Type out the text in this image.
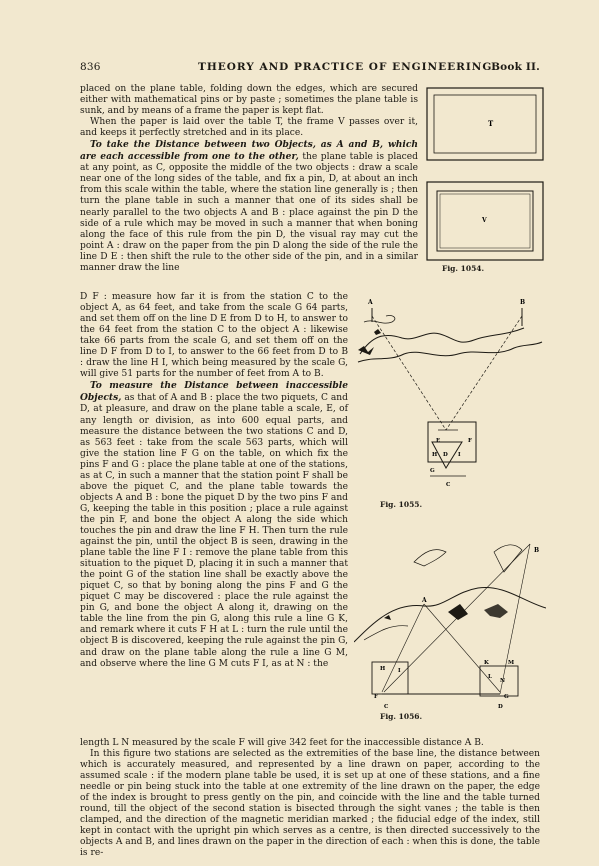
836	THEORY AND PRACTICE OF ENGINEERING.
Book II.

placed on the plane table, folding down the edges, which are secured either with mathematical pins or by paste ; sometimes the plane table is sunk, and by means of a frame the paper is kept flat.

When the paper is laid over the table T, the frame V passes over it, and keeps it perfectly stretched and in its place.

To take the Distance between two Objects, as A and B, which are each accessible from one to the other, the plane table is placed at any point, as C, opposite the middle of the two objects : draw a scale near one of the long sides of the table, and fix a pin, D, at about an inch from this scale within the table, where the station line generally is ; then turn the plane table in such a manner that one of its sides shall be nearly parallel to the two objects A and B : place against the pin D the side of a rule which may be moved in such a manner that when boning along the face of this rule from the pin D, the visual ray may cut the point A : draw on the paper from the pin D along the side of the rule the line D E : then shift the rule to the other side of the pin, and in a similar manner draw the line

D F : measure how far it is from the station C to the object A, as 64 feet, and take from the scale G 64 parts, and set them off on the line D E from D to H, to answer to the 64 feet from the station C to the object A : likewise take 66 parts from the scale G, and set them off on the line D F from D to I, to answer to the 66 feet from D to B : draw the line H I, which being measured by the scale G, will give 51 parts for the number of feet from A to B.

To measure the Distance between inaccessible Objects, as that of A and B : place the two piquets, C and D, at pleasure, and draw on the plane table a scale, E, of any length or division, as into 600 equal parts, and measure the distance between the two stations C and D, as 563 feet : take from the scale 563 parts, which will give the station line F G on the table, on which fix the pins F and G : place the plane table at one of the stations, as at C, in such a manner that the station point F shall be above the piquet C, and the plane table towards the objects A and B : bone the piquet D by the two pins F and G, keeping the table in this position ; place a rule against the pin F, and bone the object A along the side which touches the pin and draw the line F H. Then turn the rule against the pin, until the object B is seen, drawing in the plane table the line F I : remove the plane table from this situation to the piquet D, placing it in such a manner that the point G of the station line shall be exactly above the piquet C, so that by boning along the pins F and G the piquet C may be discovered : place the rule against the pin G, and bone the object A along it, drawing on the table the line from the pin G, along this rule a line G K, and remark where it cuts F H at L : turn the rule until the object B is discovered, keeping the rule against the pin G, and draw on the plane table along the rule a line G M, and observe where the line G M cuts F I, as at N : the

length L N measured by the scale F will give 342 feet for the inaccessible distance A B.

In this figure two stations are selected as the extremities of the base line, the distance between which is accurately measured, and represented by a line drawn on paper, according to the assumed scale : if the modern plane table be used, it is set up at one of these stations, and a fine needle or pin being stuck into the table at one extremity of the line drawn on the paper, the edge of the index is brought to press gently on the pin, and coincide with the line and the table turned round, till the object of the second station is bisected through the sight vanes ; the table is then clamped, and the direction of the magnetic meridian marked ; the fiducial edge of the index, still kept in contact with the upright pin which serves as a centre, is then directed successively to the objects A and B, and lines drawn on the paper in the direction of each : when this is done, the table is re-

T
V
Fig. 1054.
A	B
E	F
D
G
C
H	I
Fig. 1055.
B
A
H
F	G
K	M
L
N
I
C	D
Fig. 1056.
